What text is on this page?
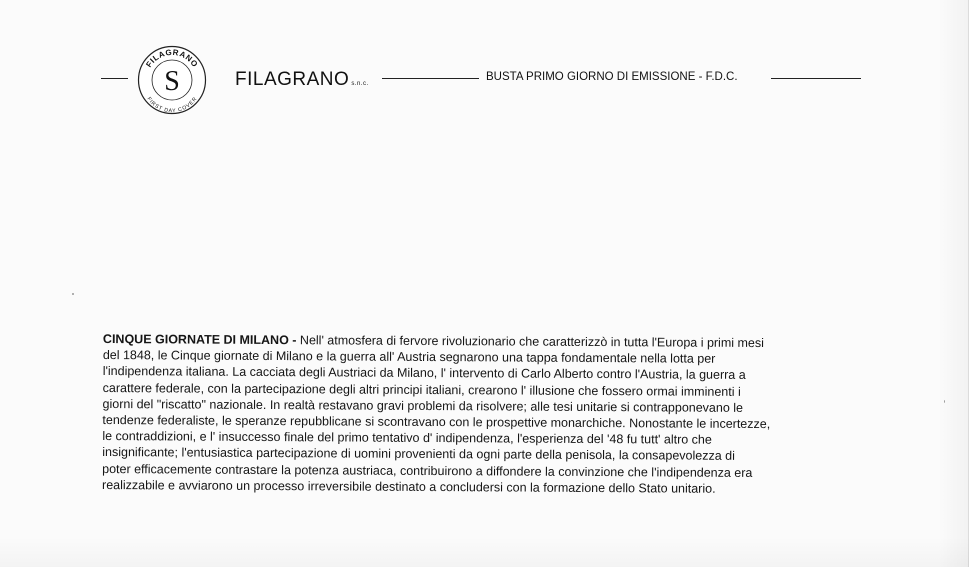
FILAGRANO
FIRST DAY COVER
S	FILAGRANO s.n.c.
BUSTA PRIMO GIORNO DI EMISSIONE - F.D.C.
CINQUE GIORNATE DI MILANO - Nell' atmosfera di fervore rivoluzionario che caratterizzò in tutta l'Europa i primi mesi
del 1848, le Cinque giornate di Milano e la guerra all' Austria segnarono una tappa fondamentale nella lotta per
l'indipendenza italiana. La cacciata degli Austriaci da Milano, l' intervento di Carlo Alberto contro l'Austria, la guerra a
carattere federale, con la partecipazione degli altri principi italiani, crearono l' illusione che fossero ormai imminenti i
giorni del "riscatto" nazionale. In realtà restavano gravi problemi da risolvere; alle tesi unitarie si contrapponevano le
tendenze federaliste, le speranze repubblicane si scontravano con le prospettive monarchiche. Nonostante le incertezze,
le contraddizioni, e l' insuccesso finale del primo tentativo d' indipendenza, l'esperienza del '48 fu tutt' altro che
insignificante; l'entusiastica partecipazione di uomini provenienti da ogni parte della penisola, la consapevolezza di
poter efficacemente contrastare la potenza austriaca, contribuirono a diffondere la convinzione che l'indipendenza era
realizzabile e avviarono un processo irreversibile destinato a concludersi con la formazione dello Stato unitario.
